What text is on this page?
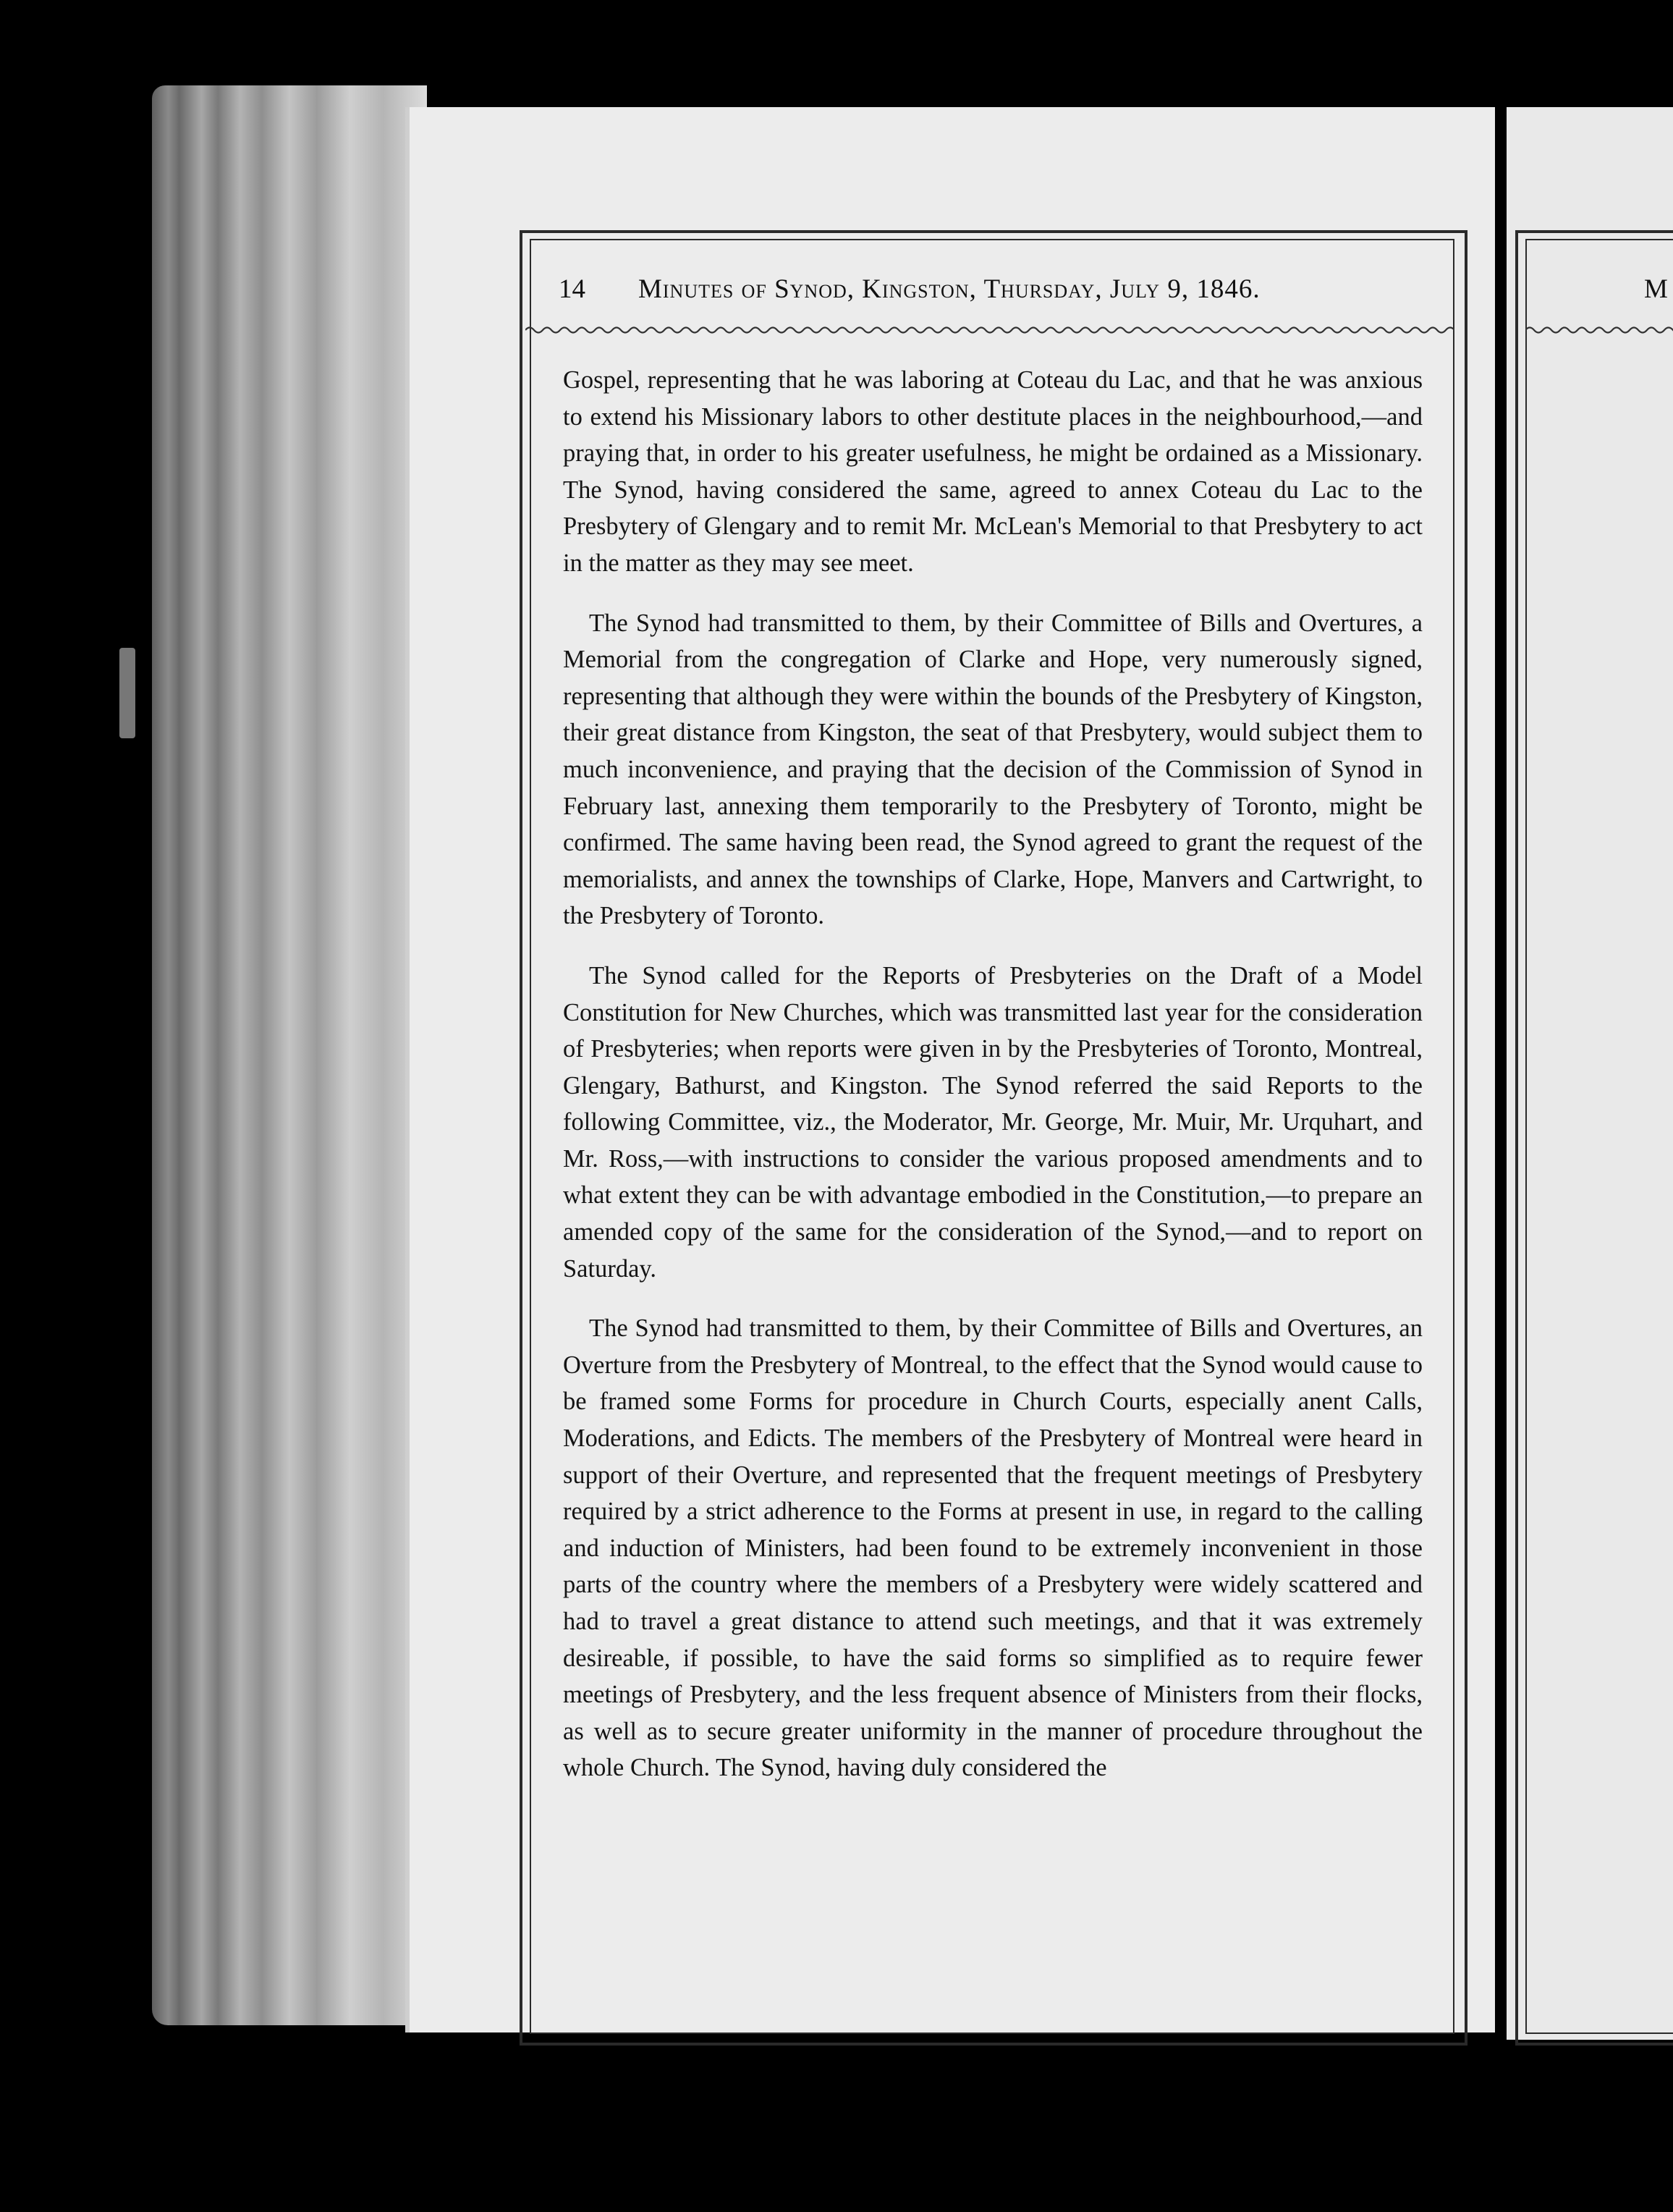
14 Minutes of Synod, Kingston, Thursday, July 9, 1846.

Gospel, representing that he was laboring at Coteau du Lac, and that he was anxious to extend his Missionary labors to other destitute places in the neighbourhood,—and praying that, in order to his greater usefulness, he might be ordained as a Missionary. The Synod, having considered the same, agreed to annex Coteau du Lac to the Presbytery of Glengary and to remit Mr. McLean's Memorial to that Presbytery to act in the matter as they may see meet.

The Synod had transmitted to them, by their Committee of Bills and Overtures, a Memorial from the congregation of Clarke and Hope, very numerously signed, representing that although they were within the bounds of the Presbytery of Kingston, their great distance from Kingston, the seat of that Presbytery, would subject them to much inconvenience, and praying that the decision of the Commission of Synod in February last, annexing them temporarily to the Presbytery of Toronto, might be confirmed. The same having been read, the Synod agreed to grant the request of the memorialists, and annex the townships of Clarke, Hope, Manvers and Cartwright, to the Presbytery of Toronto.

The Synod called for the Reports of Presbyteries on the Draft of a Model Constitution for New Churches, which was transmitted last year for the consideration of Presbyteries; when reports were given in by the Presbyteries of Toronto, Montreal, Glengary, Bathurst, and Kingston. The Synod referred the said Reports to the following Committee, viz., the Moderator, Mr. George, Mr. Muir, Mr. Urquhart, and Mr. Ross,—with instructions to consider the various proposed amendments and to what extent they can be with advantage embodied in the Constitution,—to prepare an amended copy of the same for the consideration of the Synod,—and to report on Saturday.

The Synod had transmitted to them, by their Committee of Bills and Overtures, an Overture from the Presbytery of Montreal, to the effect that the Synod would cause to be framed some Forms for procedure in Church Courts, especially anent Calls, Moderations, and Edicts. The members of the Presbytery of Montreal were heard in support of their Overture, and represented that the frequent meetings of Presbytery required by a strict adherence to the Forms at present in use, in regard to the calling and induction of Ministers, had been found to be extremely inconvenient in those parts of the country where the members of a Presbytery were widely scattered and had to travel a great distance to attend such meetings, and that it was extremely desireable, if possible, to have the said forms so simplified as to require fewer meetings of Presbytery, and the less frequent absence of Ministers from their flocks, as well as to secure greater uniformity in the manner of procedure throughout the whole Church. The Synod, having duly considered the

M
